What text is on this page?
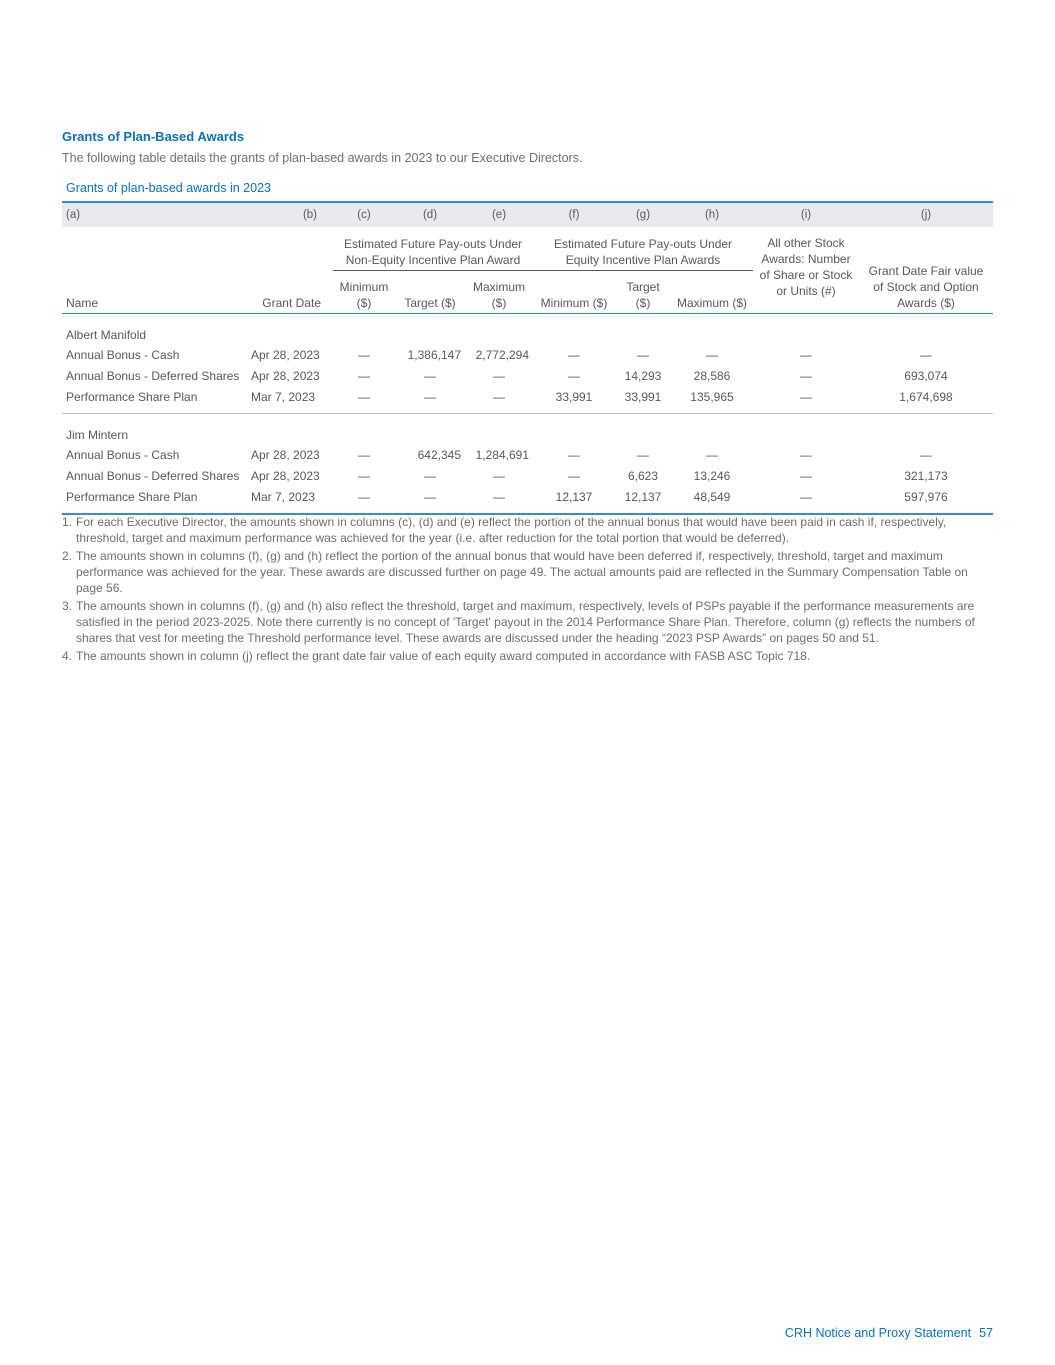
Grants of Plan-Based Awards

The following table details the grants of plan-based awards in 2023 to our Executive Directors.

Grants of plan-based awards in 2023

(a)	(b)	(c)	(d)	(e)	(f)	(g)	(h)	(i)	(j)

		Estimated Future Pay-outs Under Non-Equity Incentive Plan Award			Estimated Future Pay-outs Under Equity Incentive Plan Awards			All other Stock Awards: Number of Share or Stock or Units (#)	Grant Date Fair value of Stock and Option Awards ($)
Name	Grant Date	Minimum ($)	Target ($)	Maximum ($)	Minimum ($)	Target ($)	Maximum ($)		
Albert Manifold									
Annual Bonus - Cash	Apr 28, 2023	—	1,386,147	2,772,294	—	—	—	—	—
Annual Bonus - Deferred Shares	Apr 28, 2023	—	—	—	—	14,293	28,586	—	693,074
Performance Share Plan	Mar 7, 2023	—	—	—	33,991	33,991	135,965	—	1,674,698

Jim Mintern									
Annual Bonus - Cash	Apr 28, 2023	—	642,345	1,284,691	—	—	—	—	—
Annual Bonus - Deferred Shares	Apr 28, 2023	—	—	—	—	6,623	13,246	—	321,173
Performance Share Plan	Mar 7, 2023	—	—	—	12,137	12,137	48,549	—	597,976

1. For each Executive Director, the amounts shown in columns (c), (d) and (e) reflect the portion of the annual bonus that would have been paid in cash if, respectively, threshold, target and maximum performance was achieved for the year (i.e. after reduction for the total portion that would be deferred).
2. The amounts shown in columns (f), (g) and (h) reflect the portion of the annual bonus that would have been deferred if, respectively, threshold, target and maximum performance was achieved for the year. These awards are discussed further on page 49. The actual amounts paid are reflected in the Summary Compensation Table on page 56.
3. The amounts shown in columns (f), (g) and (h) also reflect the threshold, target and maximum, respectively, levels of PSPs payable if the performance measurements are satisfied in the period 2023-2025. Note there currently is no concept of 'Target' payout in the 2014 Performance Share Plan. Therefore, column (g) reflects the numbers of shares that vest for meeting the Threshold performance level. These awards are discussed under the heading “2023 PSP Awards” on pages 50 and 51.
4. The amounts shown in column (j) reflect the grant date fair value of each equity award computed in accordance with FASB ASC Topic 718.
CRH Notice and Proxy Statement 57
